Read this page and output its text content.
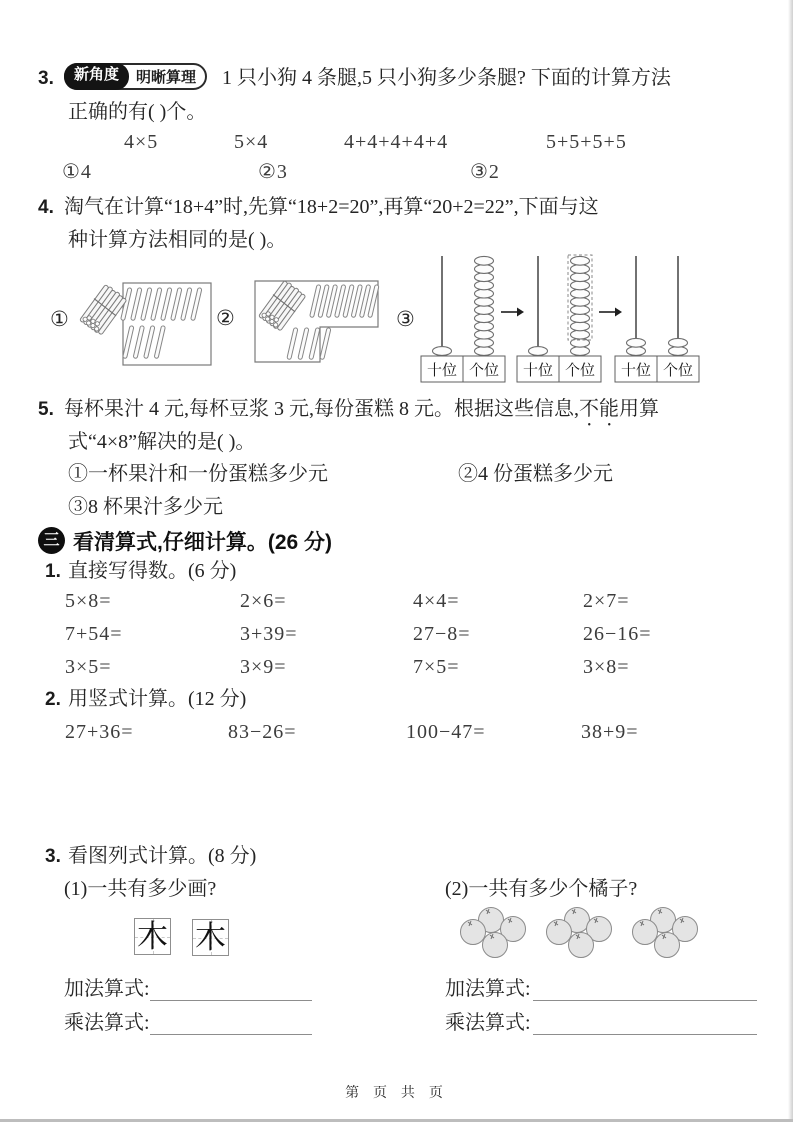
3.	新角度	明晰算理 1 只小狗 4 条腿,5 只小狗多少条腿? 下面的计算方法
正确的有( )个。
4×5	5×4	4+4+4+4+4	5+5+5+5
①4	②3	③2
4. 淘气在计算“18+4”时,先算“18+2=20”,再算“20+2=22”,下面与这
种计算方法相同的是( )。
①	②	③
十位 个位 十位 个位 十位 个位
5. 每杯果汁 4 元,每杯豆浆 3 元,每份蛋糕 8 元。根据这些信息,不能用算
式“4×8”解决的是( )。
①一杯果汁和一份蛋糕多少元	②4 份蛋糕多少元
③8 杯果汁多少元
三 看清算式,仔细计算。(26 分)
1. 直接写得数。(6 分)
5×8=	2×6=	4×4=	2×7=
7+54=	3+39=	27−8=	26−16=
3×5=	3×9=	7×5=	3×8=
2. 用竖式计算。(12 分)
27+36=	83−26=	100−47=	38+9=
3. 看图列式计算。(8 分)
(1)一共有多少画?	(2)一共有多少个橘子?
木 木
加法算式:
乘法算式:
加法算式:
乘法算式:
第 页 共 页
